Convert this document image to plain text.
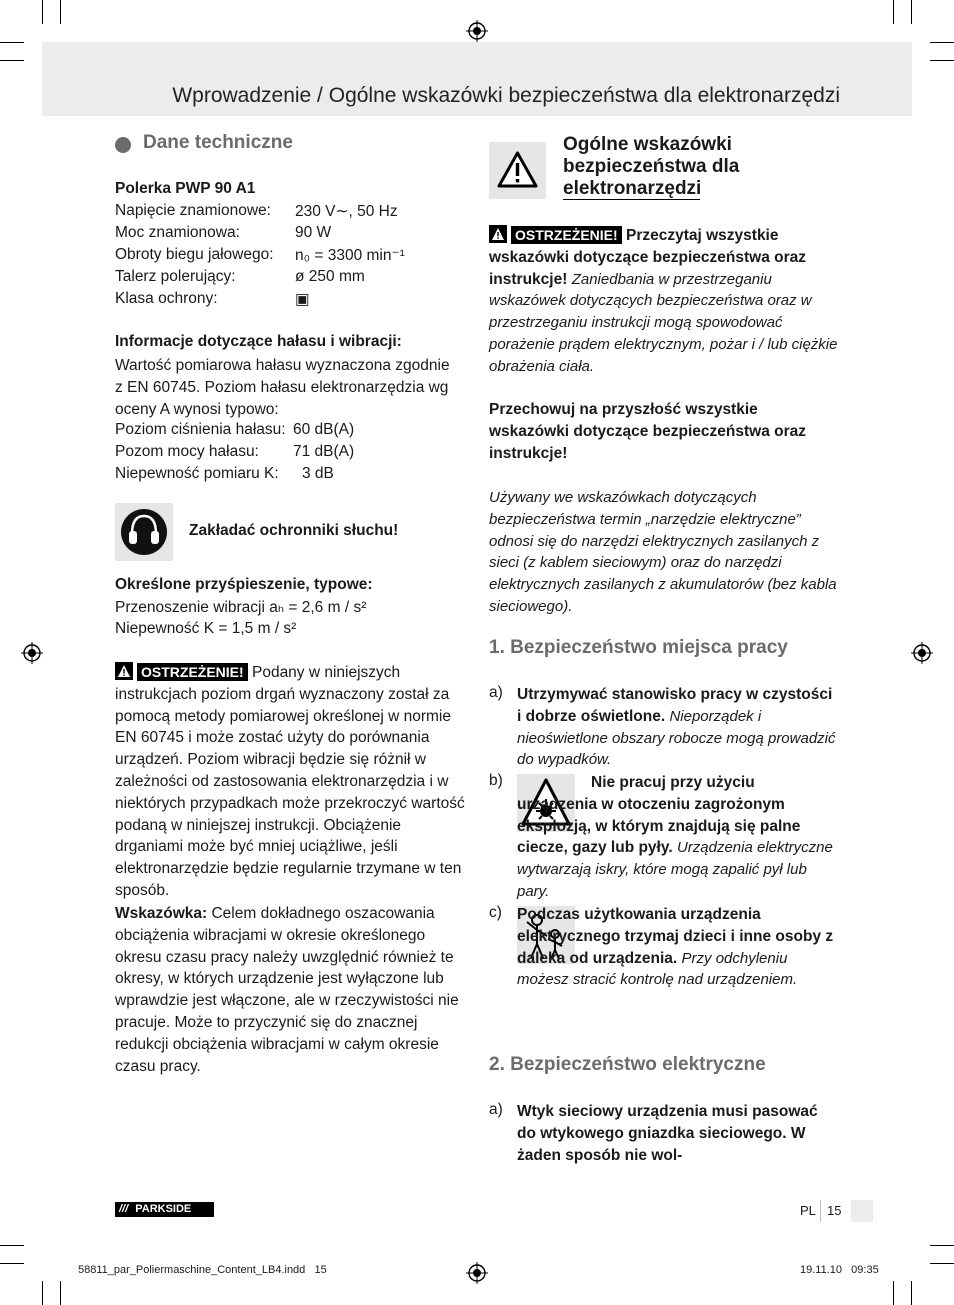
Wprowadzenie / Ogólne wskazówki bezpieczeństwa dla elektronarzędzi
Dane techniczne
Polerka PWP 90 A1
Napięcie znamionowe: 230 V∼, 50 Hz
Moc znamionowa:	90 W
Obroty biegu jałowego: n₀ = 3300 min⁻¹
Talerz polerujący:	ø 250 mm
Klasa ochrony:	▣
Informacje dotyczące hałasu i wibracji:
Wartość pomiarowa hałasu wyznaczona zgodnie z EN 60745. Poziom hałasu elektronarzędzia wg oceny A wynosi typowo:
Poziom ciśnienia hałasu: 60 dB(A)
Pozom mocy hałasu: 71 dB(A)
Niepewność pomiaru K: 3 dB
Zakładać ochronniki słuchu!
Określone przyśpieszenie, typowe:
Przenoszenie wibracji aₕ = 2,6 m / s²
Niepewność K = 1,5 m / s²
OSTRZEŻENIE! Podany w niniejszych instrukcjach poziom drgań wyznaczony został za pomocą metody pomiarowej określonej w normie EN 60745 i może zostać użyty do porównania urządzeń. Poziom wibracji będzie się różnił w zależności od zastosowania elektronarzędzia i w niektórych przypadkach może przekroczyć wartość podaną w niniejszej instrukcji. Obciążenie drganiami może być mniej uciążliwe, jeśli elektronarzędzie będzie regularnie trzymane w ten sposób.
Wskazówka: Celem dokładnego oszacowania obciążenia wibracjami w okresie określonego okresu czasu pracy należy uwzględnić również te okresy, w których urządzenie jest wyłączone lub wprawdzie jest włączone, ale w rzeczywistości nie pracuje. Może to przyczynić się do znacznej redukcji obciążenia wibracjami w całym okresie czasu pracy.
Ogólne wskazówki bezpieczeństwa dla elektronarzędzi
OSTRZEŻENIE! Przeczytaj wszystkie wskazówki dotyczące bezpieczeństwa oraz instrukcje! Zaniedbania w przestrzeganiu wskazówek dotyczących bezpieczeństwa oraz w przestrzeganiu instrukcji mogą spowodować porażenie prądem elektrycznym, pożar i / lub ciężkie obrażenia ciała.
Przechowuj na przyszłość wszystkie wskazówki dotyczące bezpieczeństwa oraz instrukcje!
Używany we wskazówkach dotyczących bezpieczeństwa termin „narzędzie elektryczne” odnosi się do narzędzi elektrycznych zasilanych z sieci (z kablem sieciowym) oraz do narzędzi elektrycznych zasilanych z akumulatorów (bez kabla sieciowego).
1. Bezpieczeństwo miejsca pracy
a) Utrzymywać stanowisko pracy w czystości i dobrze oświetlone. Nieporządek i nieoświetlone obszary robocze mogą prowadzić do wypadków.
b)	Nie pracuj przy użyciu urządzenia w otoczeniu zagrożonym eksplozją, w którym znajdują się palne ciecze, gazy lub pyły. Urządzenia elektryczne wytwarzają iskry, które mogą zapalić pył lub pary.
c) Podczas użytkowania urządzenia elektrycznego trzymaj dzieci i inne osoby z daleka od urządzenia. Przy odchyleniu możesz stracić kontrolę nad urządzeniem.
2. Bezpieczeństwo elektryczne
a) Wtyk sieciowy urządzenia musi pasować do wtykowego gniazdka sieciowego. W żaden sposób nie wol-
/// PARKSIDE	PL 15
58811_par_Poliermaschine_Content_LB4.indd   15	19.11.10   09:35
